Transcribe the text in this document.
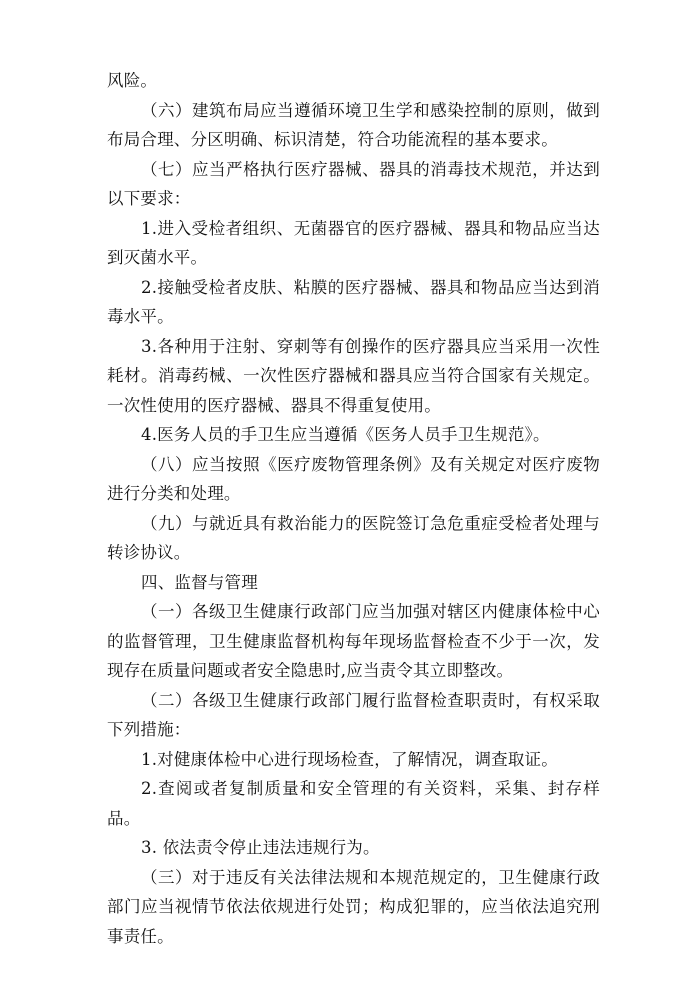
风险。

（六）建筑布局应当遵循环境卫生学和感染控制的原则，做到布局合理、分区明确、标识清楚，符合功能流程的基本要求。

（七）应当严格执行医疗器械、器具的消毒技术规范，并达到以下要求：

1.进入受检者组织、无菌器官的医疗器械、器具和物品应当达到灭菌水平。

2.接触受检者皮肤、粘膜的医疗器械、器具和物品应当达到消毒水平。

3.各种用于注射、穿刺等有创操作的医疗器具应当采用一次性耗材。消毒药械、一次性医疗器械和器具应当符合国家有关规定。一次性使用的医疗器械、器具不得重复使用。

4.医务人员的手卫生应当遵循《医务人员手卫生规范》。

（八）应当按照《医疗废物管理条例》及有关规定对医疗废物进行分类和处理。

（九）与就近具有救治能力的医院签订急危重症受检者处理与转诊协议。

四、监督与管理

（一）各级卫生健康行政部门应当加强对辖区内健康体检中心的监督管理，卫生健康监督机构每年现场监督检查不少于一次，发现存在质量问题或者安全隐患时,应当责令其立即整改。

（二）各级卫生健康行政部门履行监督检查职责时，有权采取下列措施：

1.对健康体检中心进行现场检查，了解情况，调查取证。

2.查阅或者复制质量和安全管理的有关资料，采集、封存样品。

3. 依法责令停止违法违规行为。

（三）对于违反有关法律法规和本规范规定的，卫生健康行政部门应当视情节依法依规进行处罚；构成犯罪的，应当依法追究刑事责任。
